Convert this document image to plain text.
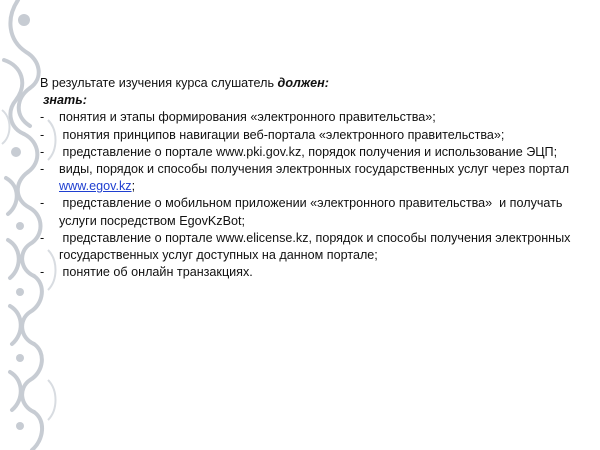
В результате изучения курса слушатель должен:
знать:
- понятия и этапы формирования «электронного правительства»;
- понятия принципов навигации веб-портала «электронного правительства»;
- представление о портале www.pki.gov.kz, порядок получения и использование ЭЦП;
- виды, порядок и способы получения электронных государственных услуг через портал www.egov.kz;
- представление о мобильном приложении «электронного правительства»  и получать услуги посредством EgovKzBot;
- представление о портале www.elicense.kz, порядок и способы получения электронных государственных услуг доступных на данном портале;
- понятие об онлайн транзакциях.
